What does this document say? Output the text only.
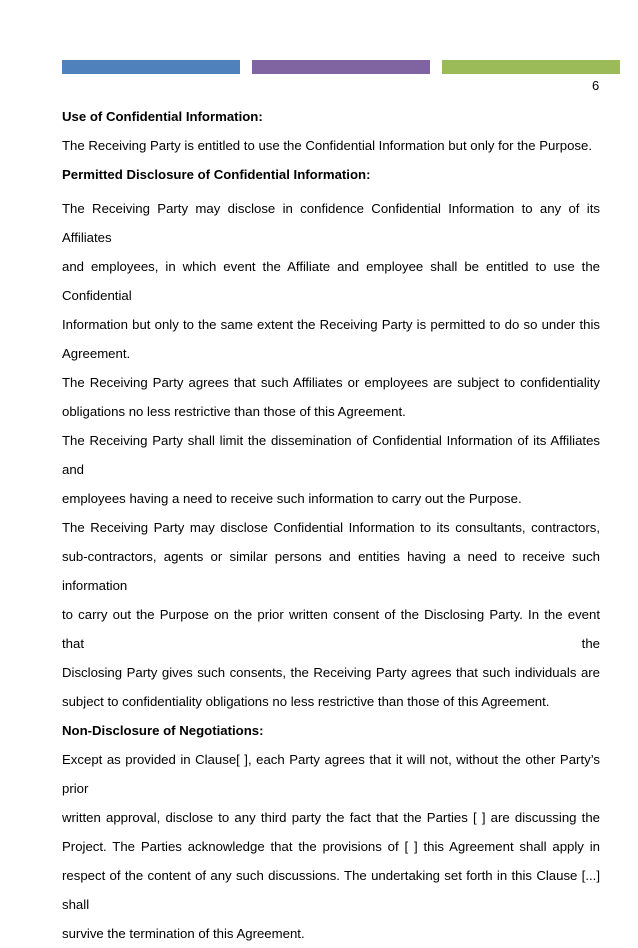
6

Use of Confidential Information:

The Receiving Party is entitled to use the Confidential Information but only for the Purpose.

Permitted Disclosure of Confidential Information:

The Receiving Party may disclose in confidence Confidential Information to any of its Affiliates

and employees, in which event the Affiliate and employee shall be entitled to use the Confidential

Information but only to the same extent the Receiving Party is permitted to do so under this

Agreement.

The Receiving Party agrees that such Affiliates or employees are subject to confidentiality

obligations no less restrictive than those of this Agreement.

The Receiving Party shall limit the dissemination of Confidential Information of its Affiliates and

employees having a need to receive such information to carry out the Purpose.

The Receiving Party may disclose Confidential Information to its consultants, contractors,

sub-contractors, agents or similar persons and entities having a need to receive such information

to carry out the Purpose on the prior written consent of the Disclosing Party. In the event that the

Disclosing Party gives such consents, the Receiving Party agrees that such individuals are

subject to confidentiality obligations no less restrictive than those of this Agreement.

Non-Disclosure of Negotiations:

Except as provided in Clause[ ], each Party agrees that it will not, without the other Party’s prior

written approval, disclose to any third party the fact that the Parties [ ] are discussing the

Project. The Parties acknowledge that the provisions of [ ] this Agreement shall apply in

respect of the content of any such discussions. The undertaking set forth in this Clause [...] shall

survive the termination of this Agreement.
